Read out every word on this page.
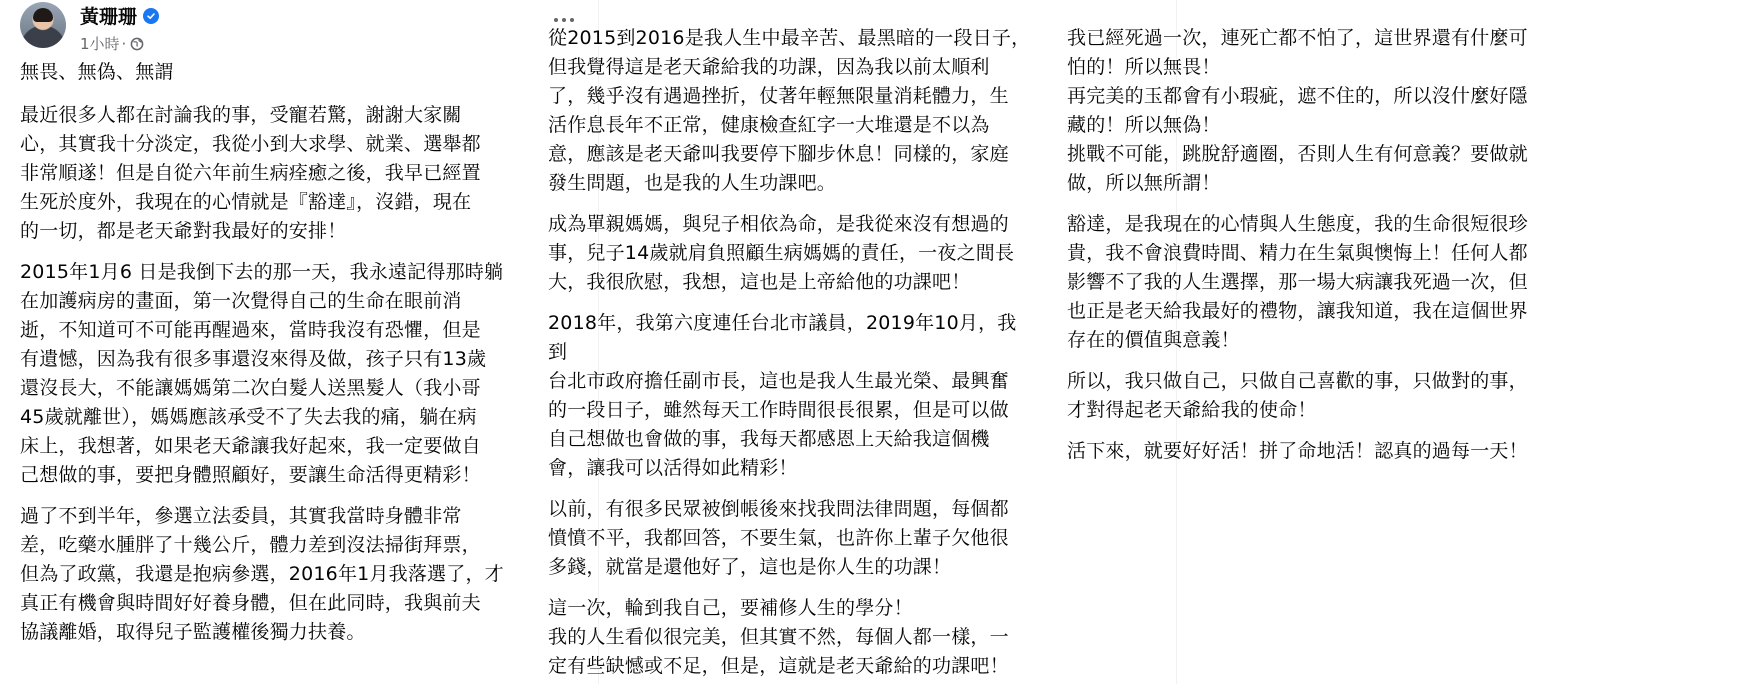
黃珊珊
1小時 ·

無畏、無偽、無謂

最近很多人都在討論我的事，受寵若驚，謝謝大家關
心，其實我十分淡定，我從小到大求學、就業、選舉都
非常順遂！但是自從六年前生病痊癒之後，我早已經置
生死於度外，我現在的心情就是『豁達』，沒錯，現在
的一切，都是老天爺對我最好的安排！

2015年1月6 日是我倒下去的那一天，我永遠記得那時躺
在加護病房的畫面，第一次覺得自己的生命在眼前消
逝，不知道可不可能再醒過來，當時我沒有恐懼，但是
有遺憾，因為我有很多事還沒來得及做，孩子只有13歲
還沒長大，不能讓媽媽第二次白髮人送黑髮人（我小哥
45歲就離世），媽媽應該承受不了失去我的痛，躺在病
床上，我想著，如果老天爺讓我好起來，我一定要做自
己想做的事，要把身體照顧好，要讓生命活得更精彩！

過了不到半年，參選立法委員，其實我當時身體非常
差，吃藥水腫胖了十幾公斤，體力差到沒法掃街拜票，
但為了政黨，我還是抱病參選，2016年1月我落選了，才
真正有機會與時間好好養身體，但在此同時，我與前夫
協議離婚，取得兒子監護權後獨力扶養。

從2015到2016是我人生中最辛苦、最黑暗的一段日子，
但我覺得這是老天爺給我的功課，因為我以前太順利
了，幾乎沒有遇過挫折，仗著年輕無限量消耗體力，生
活作息長年不正常，健康檢查紅字一大堆還是不以為
意，應該是老天爺叫我要停下腳步休息！同樣的，家庭
發生問題，也是我的人生功課吧。

成為單親媽媽，與兒子相依為命，是我從來沒有想過的
事，兒子14歲就肩負照顧生病媽媽的責任，一夜之間長
大，我很欣慰，我想，這也是上帝給他的功課吧！

2018年，我第六度連任台北市議員，2019年10月，我到
台北市政府擔任副市長，這也是我人生最光榮、最興奮
的一段日子，雖然每天工作時間很長很累，但是可以做
自己想做也會做的事，我每天都感恩上天給我這個機
會，讓我可以活得如此精彩！

以前，有很多民眾被倒帳後來找我問法律問題，每個都
憤憤不平，我都回答，不要生氣，也許你上輩子欠他很
多錢，就當是還他好了，這也是你人生的功課！

這一次，輪到我自己，要補修人生的學分！
我的人生看似很完美，但其實不然，每個人都一樣，一
定有些缺憾或不足，但是，這就是老天爺給的功課吧！

我已經死過一次，連死亡都不怕了，這世界還有什麼可
怕的！所以無畏！
再完美的玉都會有小瑕疵，遮不住的，所以沒什麼好隱
藏的！所以無偽！
挑戰不可能，跳脫舒適圈，否則人生有何意義？要做就
做，所以無所謂！

豁達，是我現在的心情與人生態度，我的生命很短很珍
貴，我不會浪費時間、精力在生氣與懊悔上！任何人都
影響不了我的人生選擇，那一場大病讓我死過一次，但
也正是老天給我最好的禮物，讓我知道，我在這個世界
存在的價值與意義！

所以，我只做自己，只做自己喜歡的事，只做對的事，
才對得起老天爺給我的使命！

活下來，就要好好活！拼了命地活！認真的過每一天！
